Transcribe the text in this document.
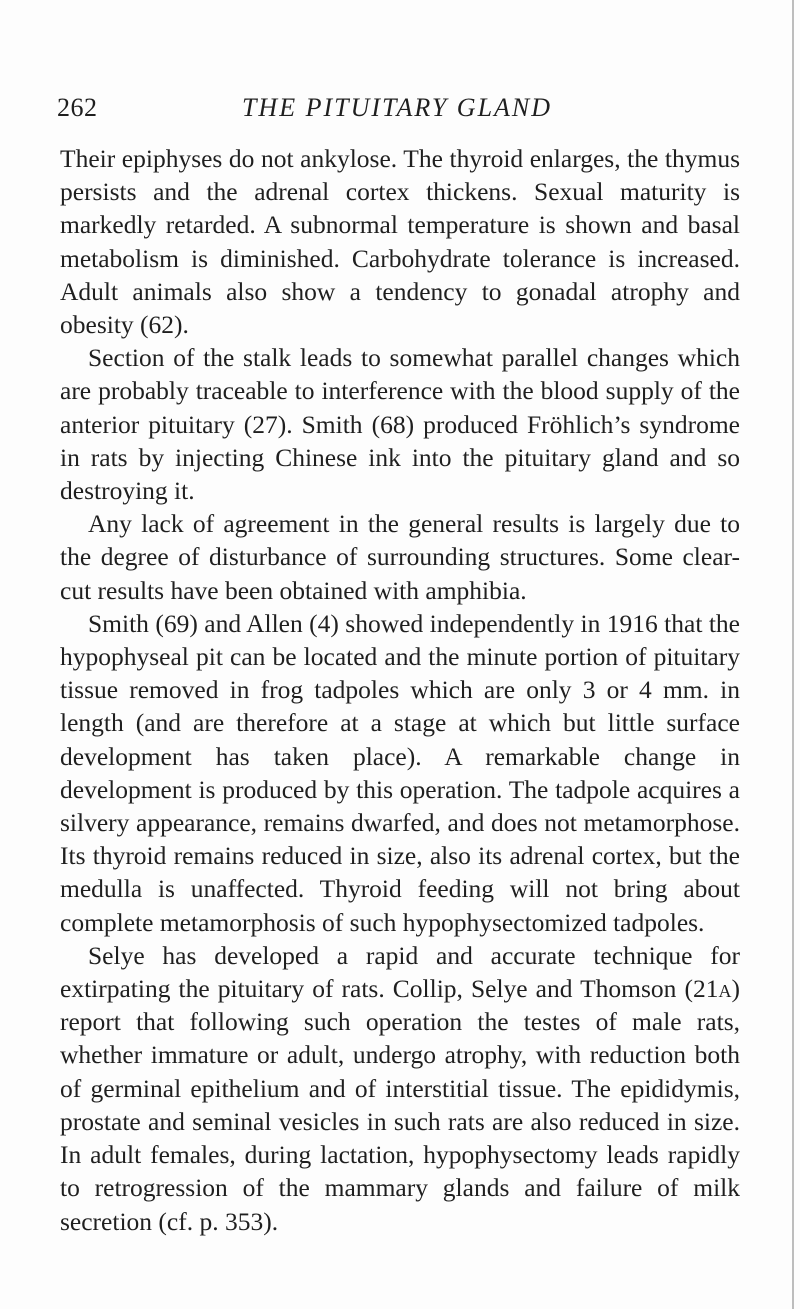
262	THE PITUITARY GLAND

Their epiphyses do not ankylose. The thyroid enlarges, the thymus persists and the adrenal cortex thickens. Sexual maturity is markedly retarded. A subnormal temperature is shown and basal metabolism is diminished. Carbohydrate tolerance is increased. Adult animals also show a tendency to gonadal atrophy and obesity (62).

Section of the stalk leads to somewhat parallel changes which are probably traceable to interference with the blood supply of the anterior pituitary (27). Smith (68) produced Fröhlich’s syndrome in rats by injecting Chinese ink into the pituitary gland and so destroying it.

Any lack of agreement in the general results is largely due to the degree of disturbance of surrounding structures. Some clear-cut results have been obtained with amphibia.

Smith (69) and Allen (4) showed independently in 1916 that the hypophyseal pit can be located and the minute portion of pituitary tissue removed in frog tadpoles which are only 3 or 4 mm. in length (and are therefore at a stage at which but little surface development has taken place). A remarkable change in development is produced by this operation. The tadpole acquires a silvery appearance, remains dwarfed, and does not metamorphose. Its thyroid remains reduced in size, also its adrenal cortex, but the medulla is unaffected. Thyroid feeding will not bring about complete metamorphosis of such hypophysectomized tadpoles.

Selye has developed a rapid and accurate technique for extirpating the pituitary of rats. Collip, Selye and Thomson (21a) report that following such operation the testes of male rats, whether immature or adult, undergo atrophy, with reduction both of germinal epithelium and of interstitial tissue. The epididymis, prostate and seminal vesicles in such rats are also reduced in size. In adult females, during lactation, hypophysectomy leads rapidly to retrogression of the mammary glands and failure of milk secretion (cf. p. 353).
